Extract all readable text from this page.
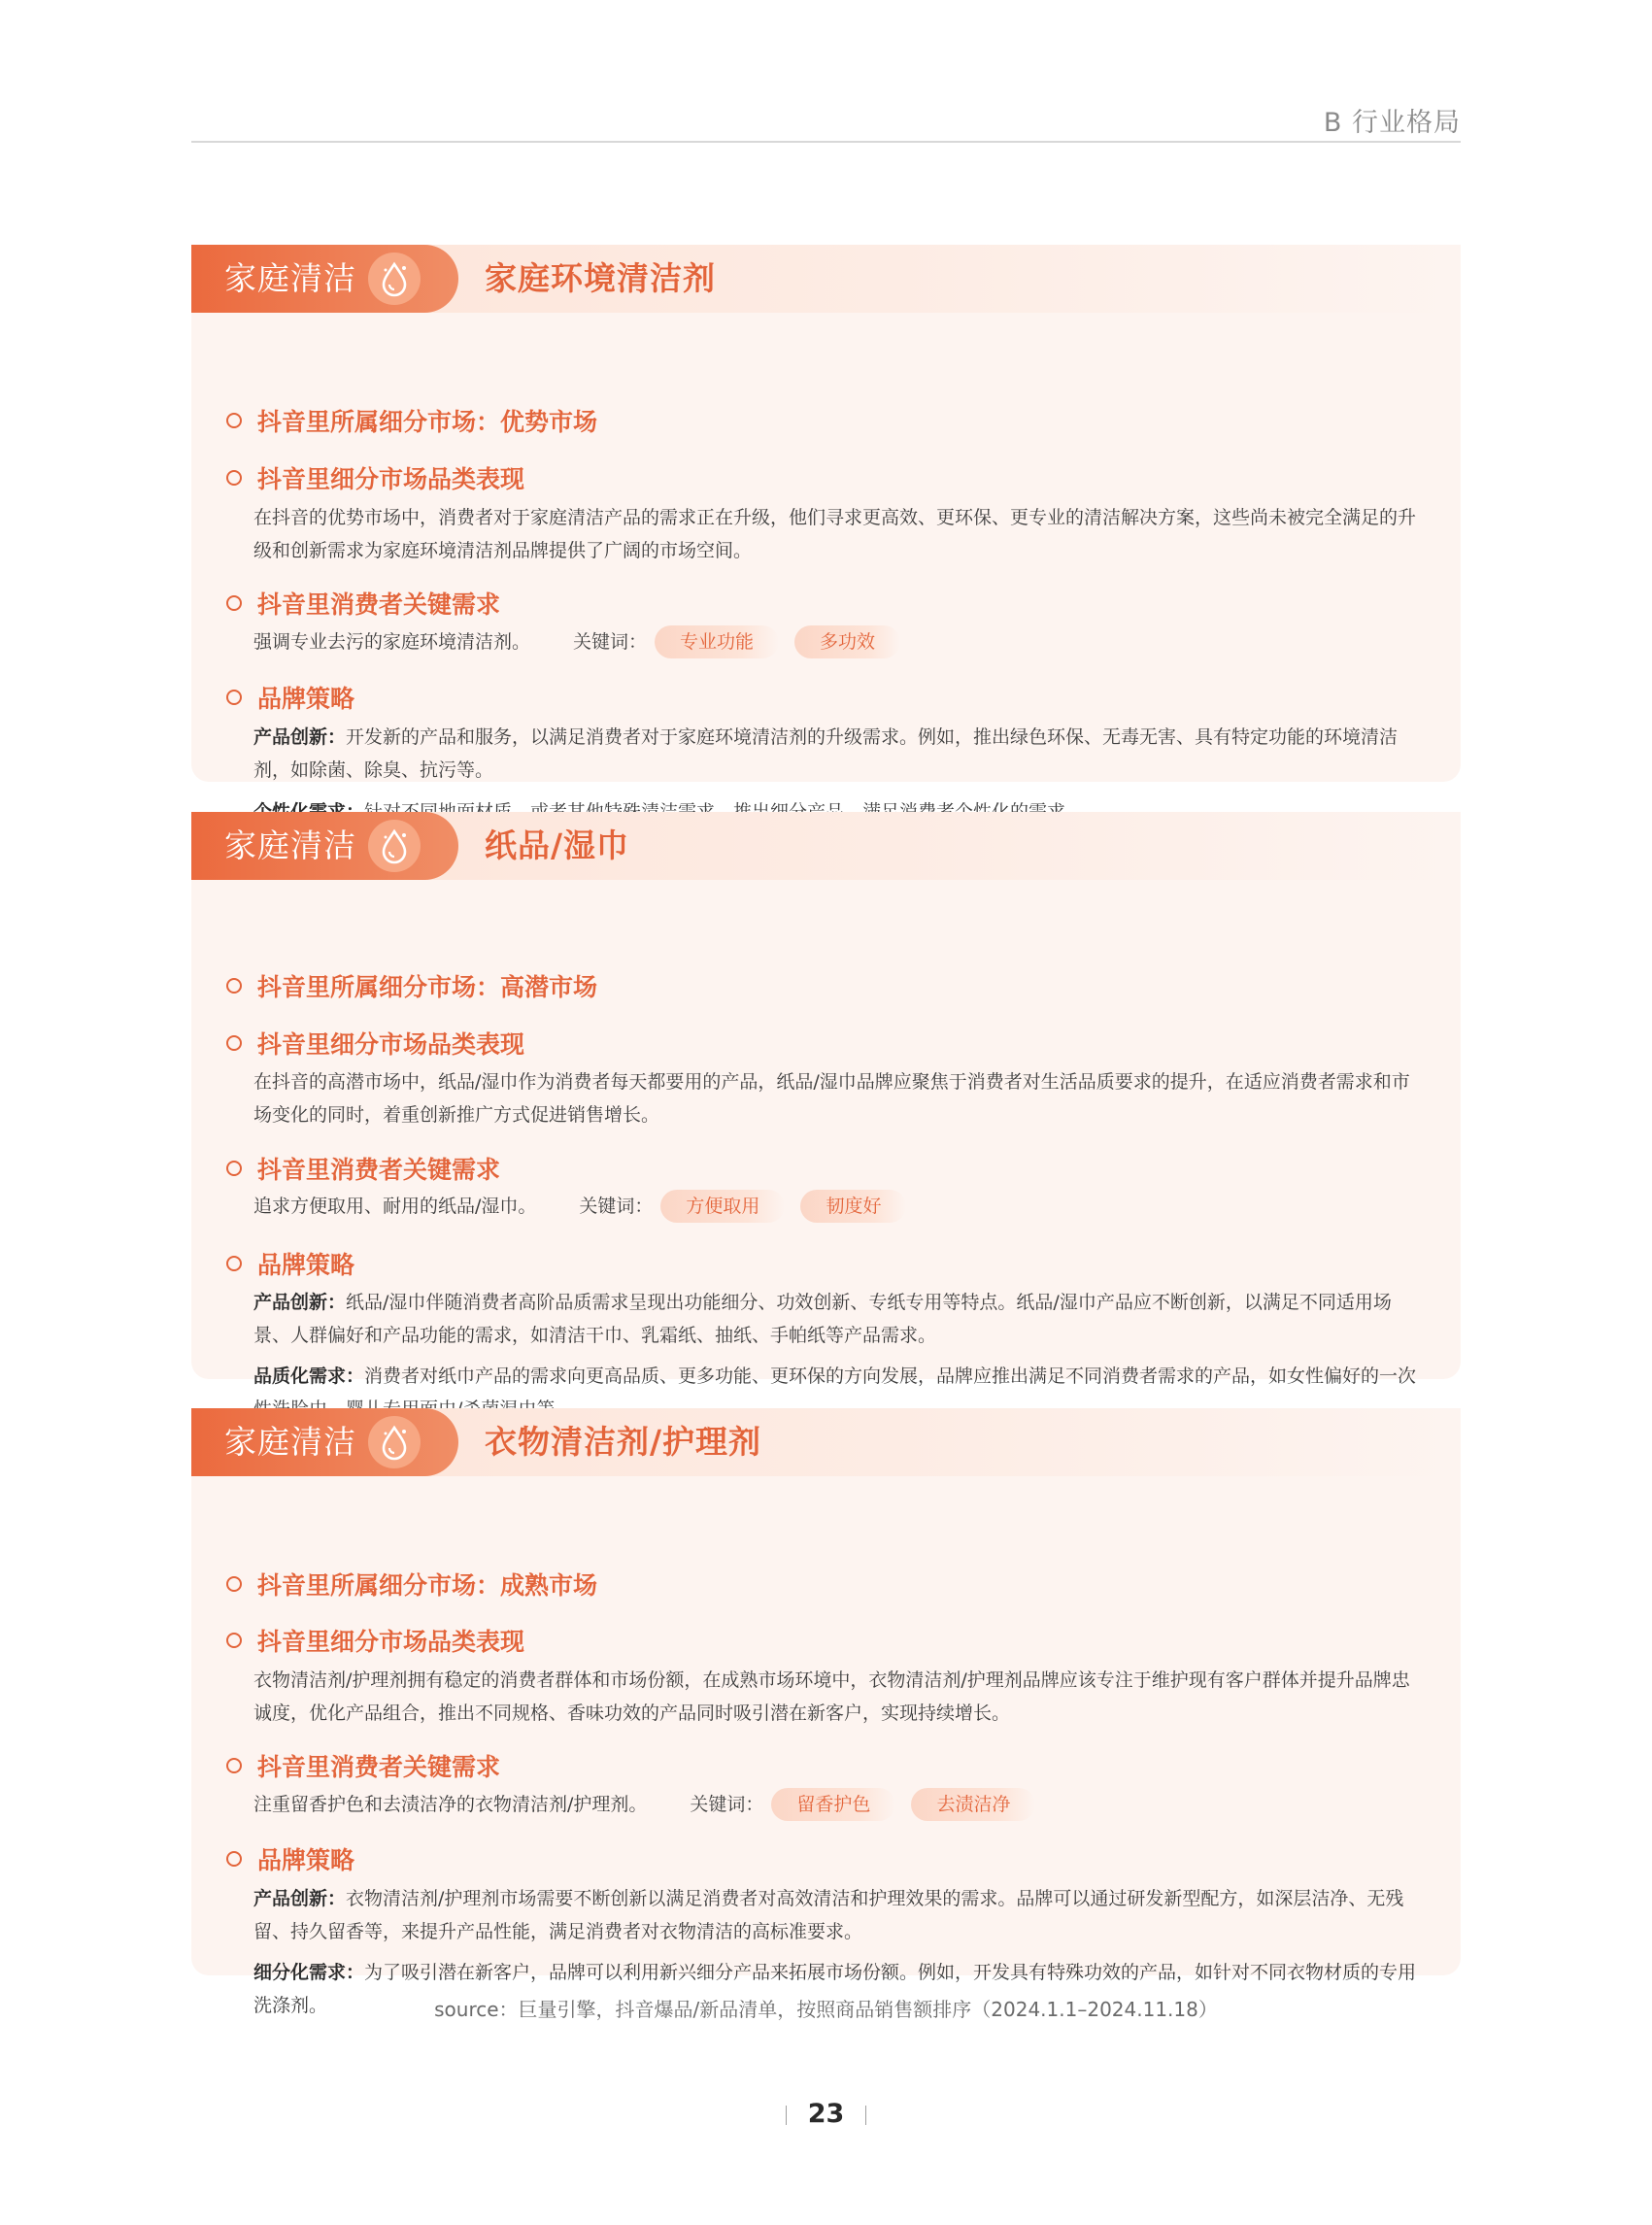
B 行业格局
家庭清洁	家庭环境清洁剂
抖音里所属细分市场：优势市场
抖音里细分市场品类表现
在抖音的优势市场中，消费者对于家庭清洁产品的需求正在升级，他们寻求更高效、更环保、更专业的清洁解决方案，这些尚未被完全满足的升级和创新需求为家庭环境清洁剂品牌提供了广阔的市场空间。
抖音里消费者关键需求
强调专业去污的家庭环境清洁剂。 关键词： 专业功能	多功效
品牌策略
产品创新：开发新的产品和服务，以满足消费者对于家庭环境清洁剂的升级需求。例如，推出绿色环保、无毒无害、具有特定功能的环境清洁剂，如除菌、除臭、抗污等。
家庭清洁	纸品/湿巾
抖音里所属细分市场：高潜市场
抖音里细分市场品类表现
在抖音的高潜市场中，纸品/湿巾作为消费者每天都要用的产品，纸品/湿巾品牌应聚焦于消费者对生活品质要求的提升，在适应消费者需求和市场变化的同时，着重创新推广方式促进销售增长。
抖音里消费者关键需求
追求方便取用、耐用的纸品/湿巾。 关键词： 方便取用	韧度好
品牌策略
产品创新：纸品/湿巾伴随消费者高阶品质需求呈现出功能细分、功效创新、专纸专用等特点。纸品/湿巾产品应不断创新，以满足不同适用场景、人群偏好和产品功能的需求，如清洁干巾、乳霜纸、抽纸、手帕纸等产品需求。
品质化需求：消费者对纸巾产品的需求向更高品质、更多功能、更环保的方向发展，品牌应推出满足不同消费者需求的产品，如女性偏好的一次
家庭清洁	衣物清洁剂/护理剂
抖音里所属细分市场：成熟市场
抖音里细分市场品类表现
衣物清洁剂/护理剂拥有稳定的消费者群体和市场份额，在成熟市场环境中，衣物清洁剂/护理剂品牌应该专注于维护现有客户群体并提升品牌忠诚度，优化产品组合，推出不同规格、香味功效的产品同时吸引潜在新客户，实现持续增长。
抖音里消费者关键需求
注重留香护色和去渍洁净的衣物清洁剂/护理剂。 关键词： 留香护色	去渍洁净
品牌策略
产品创新：衣物清洁剂/护理剂市场需要不断创新以满足消费者对高效清洁和护理效果的需求。品牌可以通过研发新型配方，如深层洁净、无残留、持久留香等，来提升产品性能，满足消费者对衣物清洁的高标准要求。
细分化需求：为了吸引潜在新客户，品牌可以利用新兴细分产品来拓展市场份额。例如，开发具有特殊功效的产品，如针对不同衣物材质的专用洗涤剂。	source：巨量引擎，抖音爆品/新品清单，按照商品销售额排序（2024.1.1–2024.11.18）
23
